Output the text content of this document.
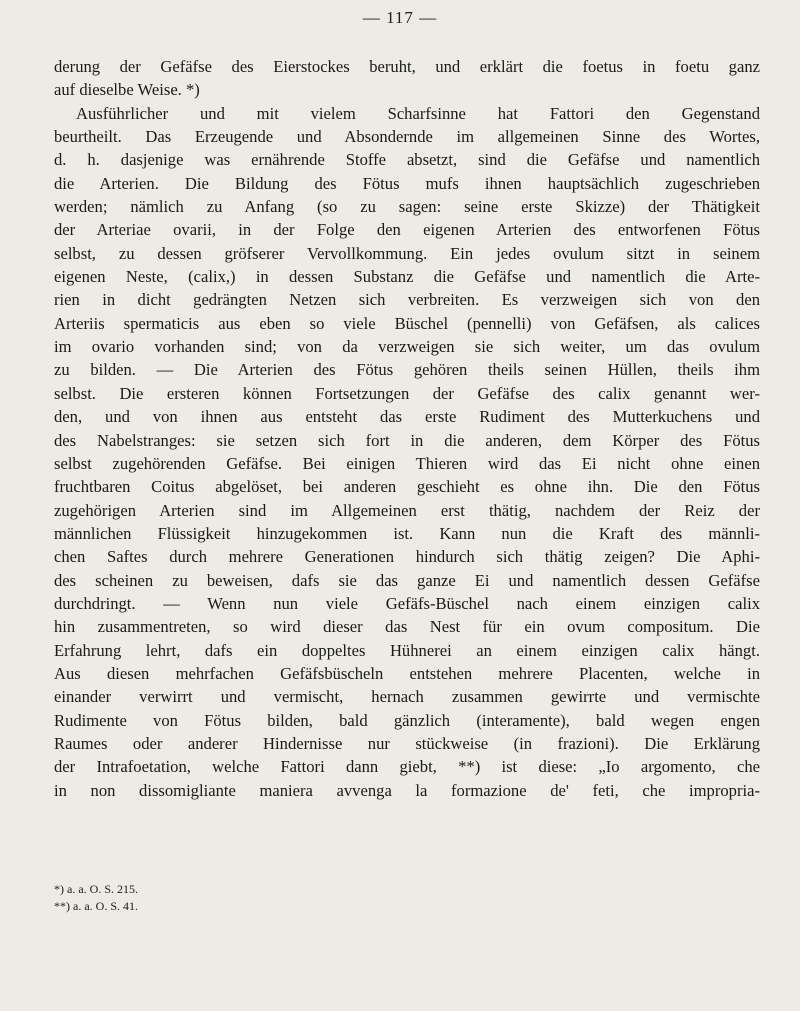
— 117 —
derung der Gefäfse des Eierstockes beruht, und erklärt die foetus in foetu ganz
auf dieselbe Weise. *)
Ausführlicher und mit vielem Scharfsinne hat Fattori den Gegenstand
beurtheilt. Das Erzeugende und Absondernde im allgemeinen Sinne des Wortes,
d. h. dasjenige was ernährende Stoffe absetzt, sind die Gefäfse und namentlich
die Arterien. Die Bildung des Fötus mufs ihnen hauptsächlich zugeschrieben
werden; nämlich zu Anfang (so zu sagen: seine erste Skizze) der Thätigkeit
der Arteriae ovarii, in der Folge den eigenen Arterien des entworfenen Fötus
selbst, zu dessen gröfserer Vervollkommung. Ein jedes ovulum sitzt in seinem
eigenen Neste, (calix,) in dessen Substanz die Gefäfse und namentlich die Arte-
rien in dicht gedrängten Netzen sich verbreiten. Es verzweigen sich von den
Arteriis spermaticis aus eben so viele Büschel (pennelli) von Gefäfsen, als calices
im ovario vorhanden sind; von da verzweigen sie sich weiter, um das ovulum
zu bilden. — Die Arterien des Fötus gehören theils seinen Hüllen, theils ihm
selbst. Die ersteren können Fortsetzungen der Gefäfse des calix genannt wer-
den, und von ihnen aus entsteht das erste Rudiment des Mutterkuchens und
des Nabelstranges: sie setzen sich fort in die anderen, dem Körper des Fötus
selbst zugehörenden Gefäfse. Bei einigen Thieren wird das Ei nicht ohne einen
fruchtbaren Coitus abgelöset, bei anderen geschieht es ohne ihn. Die den Fötus
zugehörigen Arterien sind im Allgemeinen erst thätig, nachdem der Reiz der
männlichen Flüssigkeit hinzugekommen ist. Kann nun die Kraft des männli-
chen Saftes durch mehrere Generationen hindurch sich thätig zeigen? Die Aphi-
des scheinen zu beweisen, dafs sie das ganze Ei und namentlich dessen Gefäfse
durchdringt. — Wenn nun viele Gefäfs-Büschel nach einem einzigen calix
hin zusammentreten, so wird dieser das Nest für ein ovum compositum. Die
Erfahrung lehrt, dafs ein doppeltes Hühnerei an einem einzigen calix hängt.
Aus diesen mehrfachen Gefäfsbüscheln entstehen mehrere Placenten, welche in
einander verwirrt und vermischt, hernach zusammen gewirrte und vermischte
Rudimente von Fötus bilden, bald gänzlich (interamente), bald wegen engen
Raumes oder anderer Hindernisse nur stückweise (in frazioni). Die Erklärung
der Intrafoetation, welche Fattori dann giebt, **) ist diese: „Io argomento, che
in non dissomigliante maniera avvenga la formazione de' feti, che impropria-
*) a. a. O. S. 215.
**) a. a. O. S. 41.
